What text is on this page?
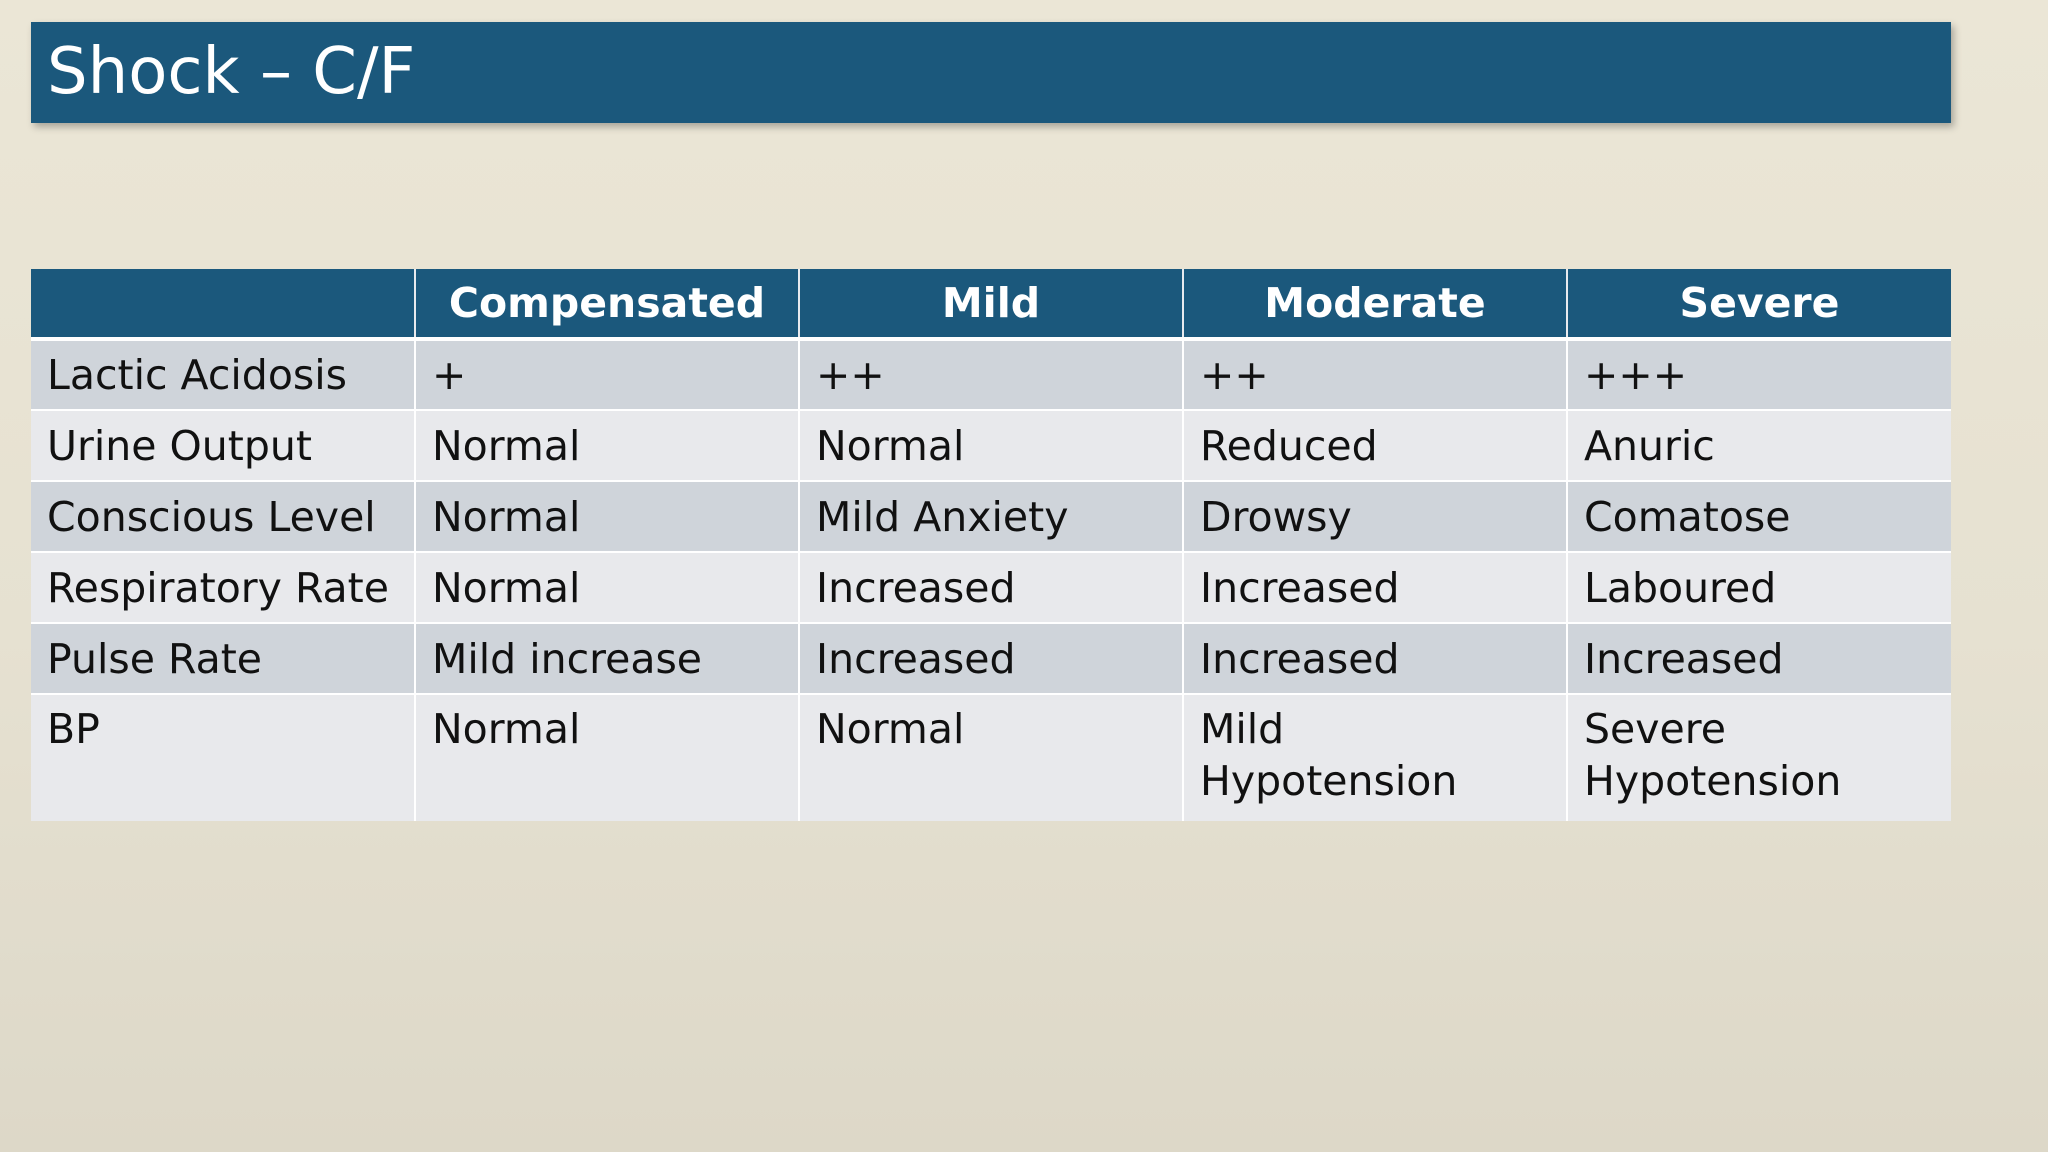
Shock – C/F
	Compensated	Mild	Moderate	Severe
Lactic Acidosis	+	++	++	+++
Urine Output	Normal	Normal	Reduced	Anuric
Conscious Level	Normal	Mild Anxiety	Drowsy	Comatose
Respiratory Rate	Normal	Increased	Increased	Laboured
Pulse Rate	Mild increase	Increased	Increased	Increased
BP	Normal	Normal	Mild Hypotension	Severe Hypotension
